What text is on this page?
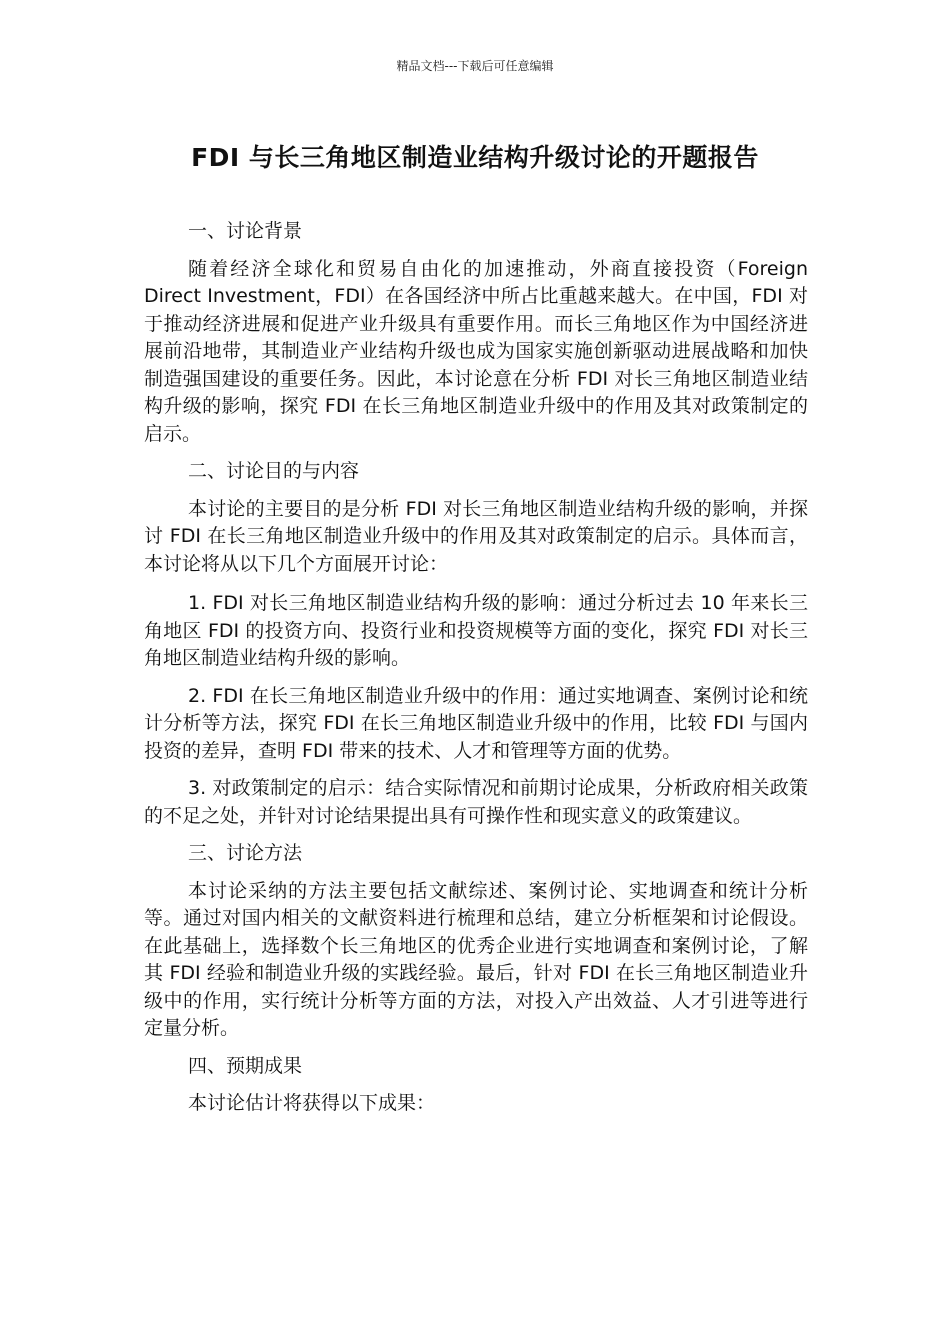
精品文档---下载后可任意编辑
FDI 与长三角地区制造业结构升级讨论的开题报告
一、讨论背景

随着经济全球化和贸易自由化的加速推动，外商直接投资（Foreign Direct Investment，FDI）在各国经济中所占比重越来越大。在中国，FDI 对于推动经济进展和促进产业升级具有重要作用。而长三角地区作为中国经济进展前沿地带，其制造业产业结构升级也成为国家实施创新驱动进展战略和加快制造强国建设的重要任务。因此，本讨论意在分析 FDI 对长三角地区制造业结构升级的影响，探究 FDI 在长三角地区制造业升级中的作用及其对政策制定的启示。

二、讨论目的与内容

本讨论的主要目的是分析 FDI 对长三角地区制造业结构升级的影响，并探讨 FDI 在长三角地区制造业升级中的作用及其对政策制定的启示。具体而言，本讨论将从以下几个方面展开讨论：

1. FDI 对长三角地区制造业结构升级的影响：通过分析过去 10 年来长三角地区 FDI 的投资方向、投资行业和投资规模等方面的变化，探究 FDI 对长三角地区制造业结构升级的影响。

2. FDI 在长三角地区制造业升级中的作用：通过实地调查、案例讨论和统计分析等方法，探究 FDI 在长三角地区制造业升级中的作用，比较 FDI 与国内投资的差异，查明 FDI 带来的技术、人才和管理等方面的优势。

3. 对政策制定的启示：结合实际情况和前期讨论成果，分析政府相关政策的不足之处，并针对讨论结果提出具有可操作性和现实意义的政策建议。

三、讨论方法

本讨论采纳的方法主要包括文献综述、案例讨论、实地调查和统计分析等。通过对国内相关的文献资料进行梳理和总结，建立分析框架和讨论假设。在此基础上，选择数个长三角地区的优秀企业进行实地调查和案例讨论，了解其 FDI 经验和制造业升级的实践经验。最后，针对 FDI 在长三角地区制造业升级中的作用，实行统计分析等方面的方法，对投入产出效益、人才引进等进行定量分析。

四、预期成果

本讨论估计将获得以下成果：
